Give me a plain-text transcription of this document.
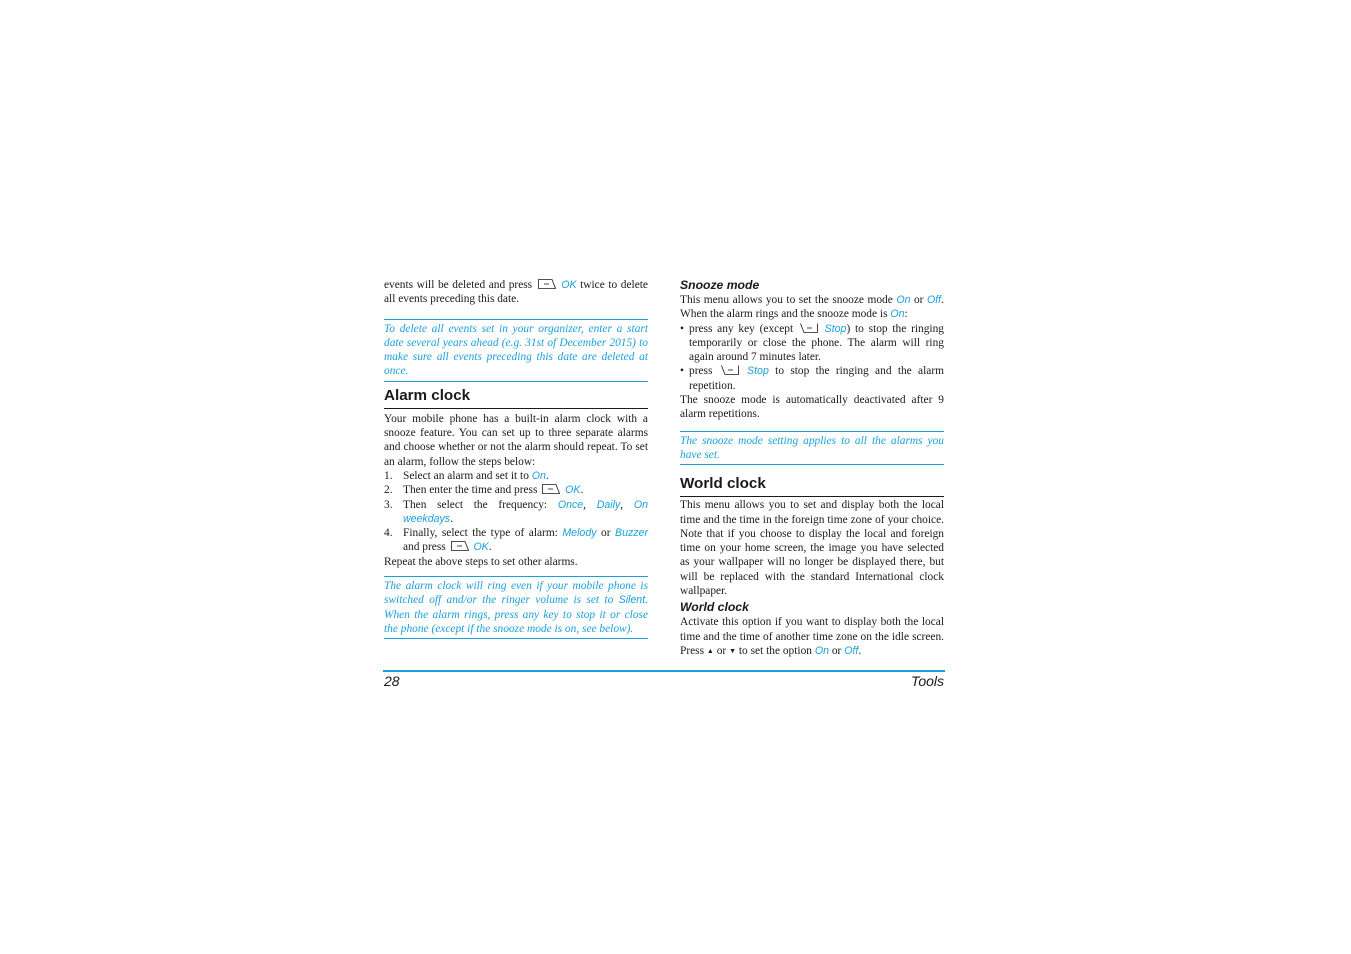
events will be deleted and press	OK twice to delete all events preceding this date.

To delete all events set in your organizer, enter a start date several years ahead (e.g. 31st of December 2015) to make sure all events preceding this date are deleted at once.
Alarm clock

Your mobile phone has a built-in alarm clock with a snooze feature. You can set up to three separate alarms and choose whether or not the alarm should repeat. To set an alarm, follow the steps below:

1. Select an alarm and set it to On.
2. Then enter the time and press	OK.
3. Then select the frequency: Once, Daily, On weekdays.
4. Finally, select the type of alarm: Melody or Buzzer and press	OK.

Repeat the above steps to set other alarms.

The alarm clock will ring even if your mobile phone is switched off and/or the ringer volume is set to Silent. When the alarm rings, press any key to stop it or close the phone (except if the snooze mode is on, see below).
Snooze mode

This menu allows you to set the snooze mode On or Off. When the alarm rings and the snooze mode is On:

• press any key (except	Stop) to stop the ringing temporarily or close the phone. The alarm will ring again around 7 minutes later.
• press	Stop to stop the ringing and the alarm repetition.

The snooze mode is automatically deactivated after 9 alarm repetitions.

The snooze mode setting applies to all the alarms you have set.
World clock

This menu allows you to set and display both the local time and the time in the foreign time zone of your choice. Note that if you choose to display the local and foreign time on your home screen, the image you have selected as your wallpaper will no longer be displayed there, but will be replaced with the standard International clock wallpaper.

World clock

Activate this option if you want to display both the local time and the time of another time zone on the idle screen. Press ▲ or ▼ to set the option On or Off.

28	Tools
